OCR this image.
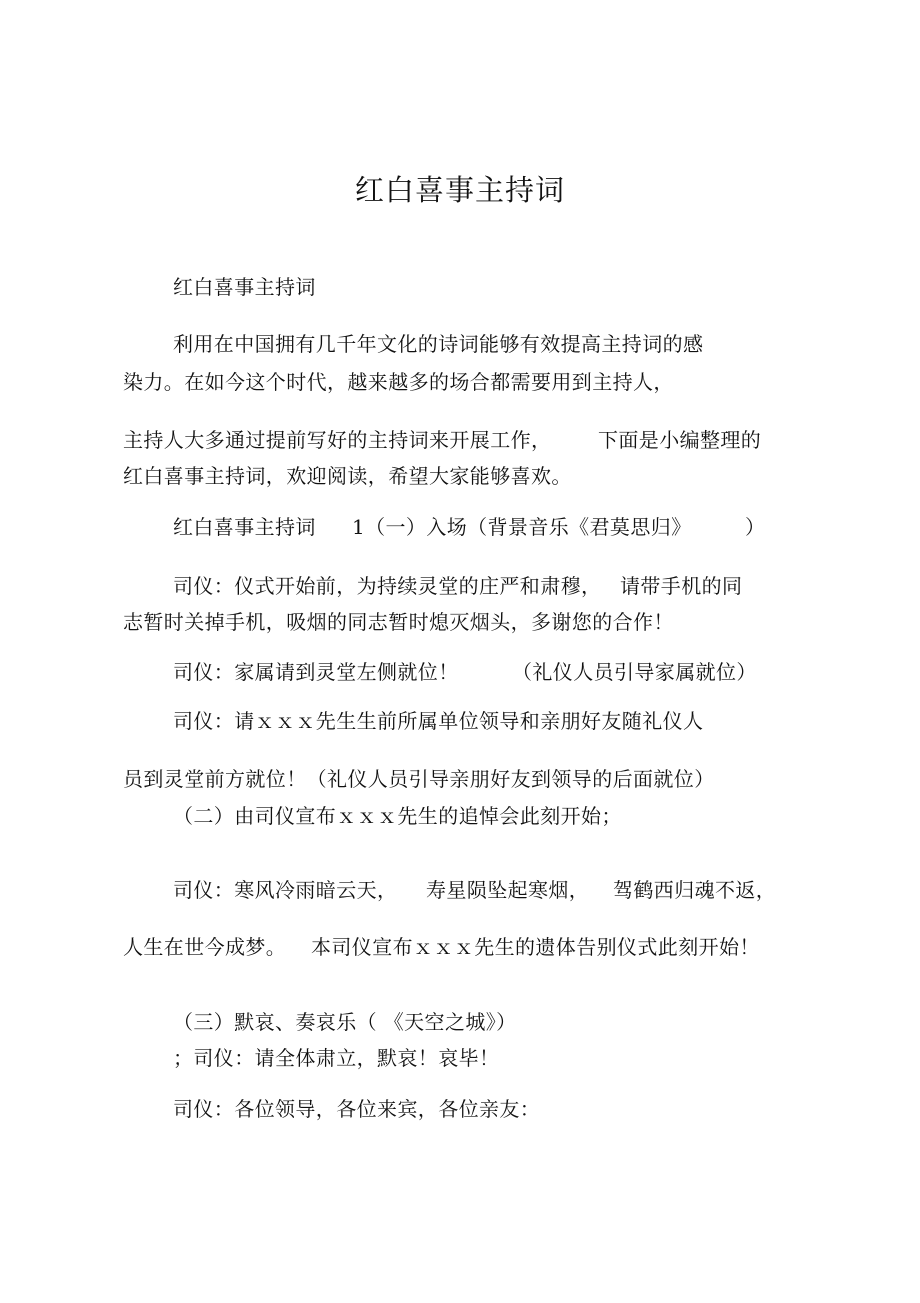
红白喜事主持词
红白喜事主持词
利用在中国拥有几千年文化的诗词能够有效提高主持词的感
染力。在如今这个时代，越来越多的场合都需要用到主持人，
主持人大多通过提前写好的主持词来开展工作， 下面是小编整理的
红白喜事主持词，欢迎阅读，希望大家能够喜欢。
红白喜事主持词 1（一）入场（背景音乐《君莫思归》	）
司仪：仪式开始前，为持续灵堂的庄严和肃穆， 请带手机的同
志暂时关掉手机，吸烟的同志暂时熄灭烟头，多谢您的合作！
司仪：家属请到灵堂左侧就位！	（礼仪人员引导家属就位）
司仪：请ｘｘｘ先生生前所属单位领导和亲朋好友随礼仪人
员到灵堂前方就位！（礼仪人员引导亲朋好友到领导的后面就位）
（二）由司仪宣布ｘｘｘ先生的追悼会此刻开始；
司仪：寒风冷雨暗云天， 寿星陨坠起寒烟， 驾鹤西归魂不返，
人生在世今成梦。 本司仪宣布ｘｘｘ先生的遗体告别仪式此刻开始！
（三）默哀、奏哀乐（ 《天空之城》）
；司仪：请全体肃立，默哀！哀毕！
司仪：各位领导，各位来宾，各位亲友：
